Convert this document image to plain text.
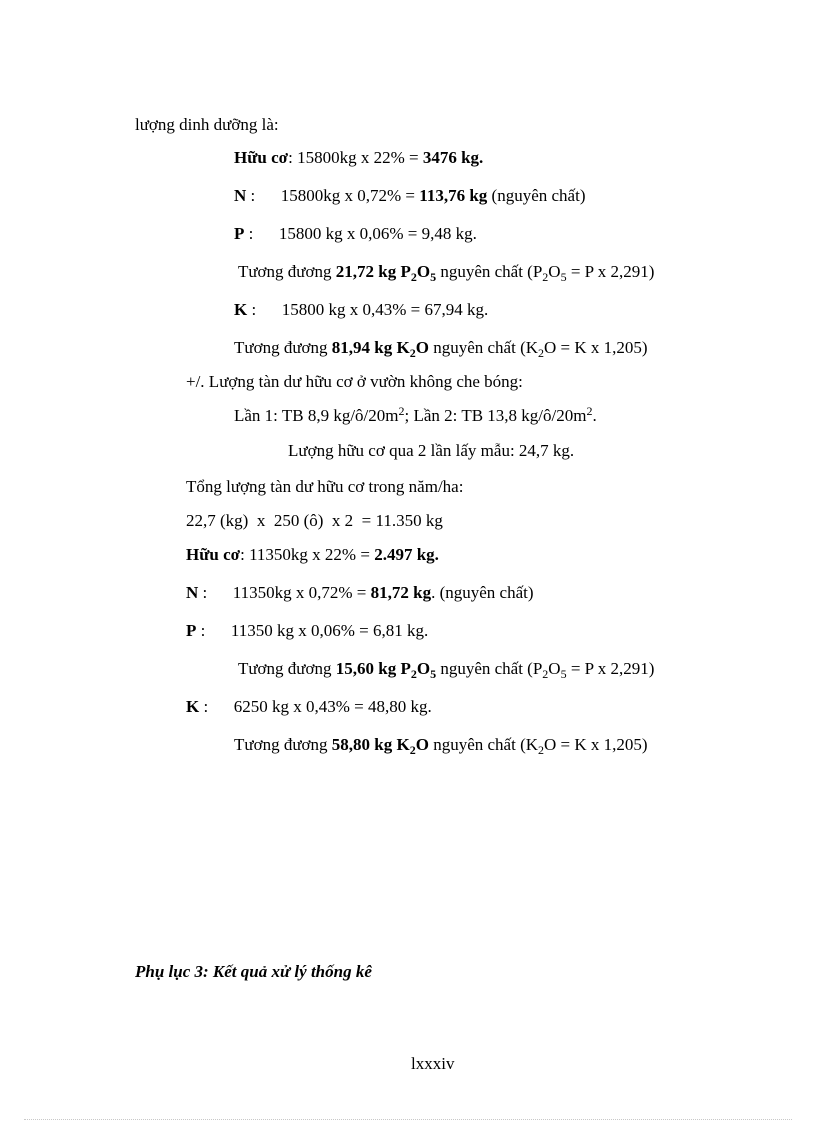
lượng dinh dưỡng là:
Hữu cơ: 15800kg x 22% = 3476 kg.
N :      15800kg x 0,72% = 113,76 kg (nguyên chất)
P :      15800 kg x 0,06% = 9,48 kg.
Tương đương 21,72 kg $P_2O_5$ nguyên chất ($P_2O_5 = P$ x 2,291)
K :      15800 kg x 0,43% = 67,94 kg.
Tương đương 81,94 kg $K_2O$ nguyên chất ($K_2O = K$ x 1,205)
+/. Lượng tàn dư hữu cơ ở vườn không che bóng:
Lần 1: TB 8,9 $kg/ô/20m^2$; Lần 2: TB 13,8 $kg/ô/20m^2$.
Lượng hữu cơ qua 2 lần lấy mẫu: 24,7 kg.
Tổng lượng tàn dư hữu cơ trong năm/ha:
22,7 (kg)  x  250 (ô)  x 2  = 11.350 kg
Hữu cơ: 11350kg x 22% = 2.497 kg.
N :      11350kg x 0,72% = 81,72 kg. (nguyên chất)
P :      11350 kg x 0,06% = 6,81 kg.
Tương đương 15,60 kg $P_2O_5$ nguyên chất ($P_2O_5 = P$ x 2,291)
K :      6250 kg x 0,43% = 48,80 kg.
Tương đương 58,80 kg $K_2O$ nguyên chất ($K_2O = K$ x 1,205)
Phụ lục 3: Kết quả xử lý thống kê
lxxxiv
